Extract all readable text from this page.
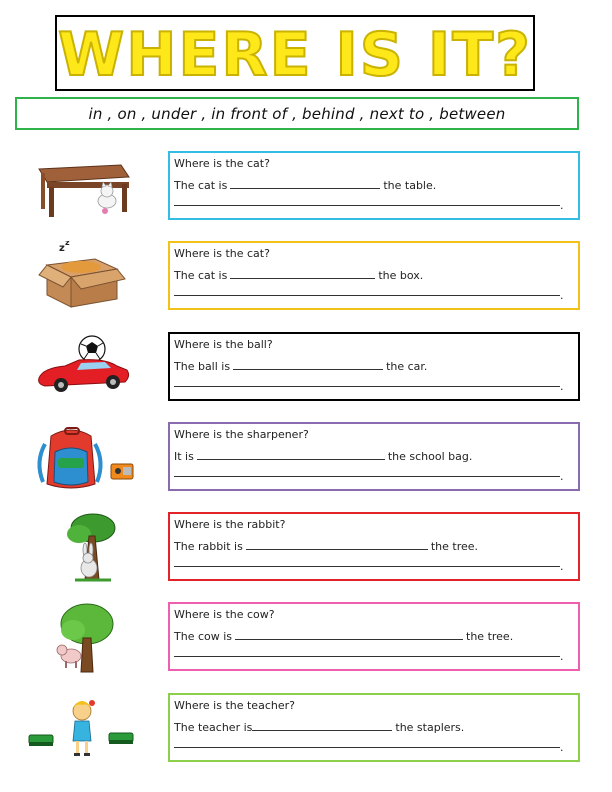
WHERE IS IT?
in , on , under , in front of , behind , next to , between
Where is the cat?
The cat is	the table.
.
z
z
Where is the cat?
The cat is	the box.
.
Where is the ball?
The ball is	the car.
.
Where is the sharpener?
It is	the school bag.
.
Where is the rabbit?
The rabbit is	the tree.
.
Where is the cow?
The cow is	the tree.
.
Where is the teacher?
The teacher is	the staplers.
.
